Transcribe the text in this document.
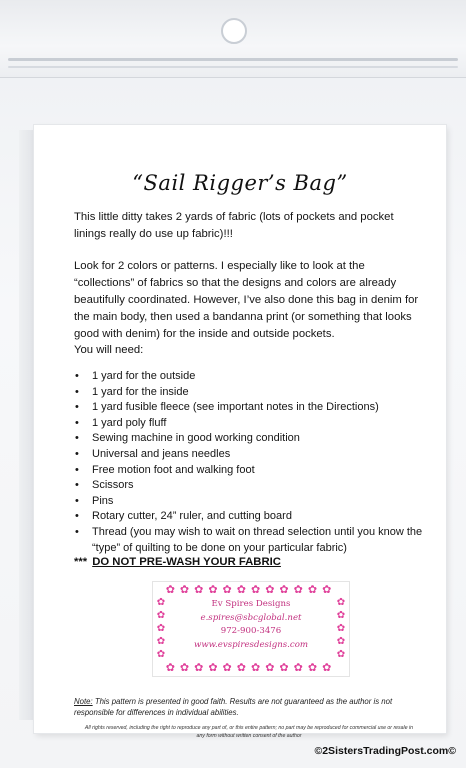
“Sail Rigger’s Bag”

This little ditty takes 2 yards of fabric (lots of pockets and pocket linings really do use up fabric)!!!

Look for 2 colors or patterns. I especially like to look at the “collections” of fabrics so that the designs and colors are already beautifully coordinated. However, I’ve also done this bag in denim for the main body, then used a bandanna print (or something that looks good with denim) for the inside and outside pockets.

You will need:
• 1 yard for the outside
• 1 yard for the inside
• 1 yard fusible fleece (see important notes in the Directions)
• 1 yard poly fluff
• Sewing machine in good working condition
• Universal and jeans needles
• Free motion foot and walking foot
• Scissors
• Pins
• Rotary cutter, 24” ruler, and cutting board
• Thread (you may wish to wait on thread selection until you know the “type” of quilting to be done on your particular fabric)
*** DO NOT PRE-WASH YOUR FABRIC
✿✿✿✿✿✿✿✿✿✿✿✿
✿
✿
✿
✿
✿
✿
✿
✿
✿
✿
Ev Spires Designs
e.spires@sbcglobal.net
972-900-3476
www.evspiresdesigns.com
✿✿✿✿✿✿✿✿✿✿✿✿

Note: This pattern is presented in good faith. Results are not guaranteed as the author is not responsible for differences in individual abilities.

All rights reserved, including the right to reproduce any part of, or this entire pattern; no part may be reproduced for commercial use or resale in any form without written consent of the author

©2SistersTradingPost.com©
